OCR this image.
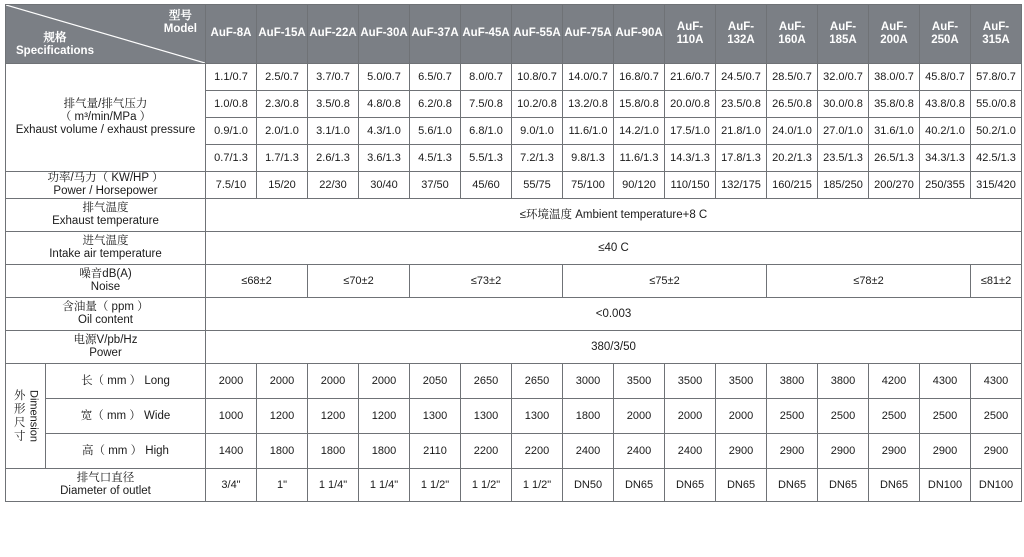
型号
Model
规格
Specifications		AuF-8A	AuF-15A	AuF-22A	AuF-30A	AuF-37A	AuF-45A	AuF-55A	AuF-75A	AuF-90A	AuF-110A	AuF-132A	AuF-160A	AuF-185A	AuF-200A	AuF-250A	AuF-315A

排气量/排气压力
（ m³/min/MPa ）
Exhaust volume / exhaust pressure		1.1/0.7	2.5/0.7	3.7/0.7	5.0/0.7	6.5/0.7	8.0/0.7	10.8/0.7	14.0/0.7	16.8/0.7	21.6/0.7	24.5/0.7	28.5/0.7	32.0/0.7	38.0/0.7	45.8/0.7	57.8/0.7
		1.0/0.8	2.3/0.8	3.5/0.8	4.8/0.8	6.2/0.8	7.5/0.8	10.2/0.8	13.2/0.8	15.8/0.8	20.0/0.8	23.5/0.8	26.5/0.8	30.0/0.8	35.8/0.8	43.8/0.8	55.0/0.8
		0.9/1.0	2.0/1.0	3.1/1.0	4.3/1.0	5.6/1.0	6.8/1.0	9.0/1.0	11.6/1.0	14.2/1.0	17.5/1.0	21.8/1.0	24.0/1.0	27.0/1.0	31.6/1.0	40.2/1.0	50.2/1.0
		0.7/1.3	1.7/1.3	2.6/1.3	3.6/1.3	4.5/1.3	5.5/1.3	7.2/1.3	9.8/1.3	11.6/1.3	14.3/1.3	17.8/1.3	20.2/1.3	23.5/1.3	26.5/1.3	34.3/1.3	42.5/1.3

功率/马力（ KW/HP ）
Power / Horsepower		7.5/10	15/20	22/30	30/40	37/50	45/60	55/75	75/100	90/120	110/150	132/175	160/215	185/250	200/270	250/355	315/420

排气温度
Exhaust temperature		≤环境温度 Ambient temperature+8 C															

进气温度
Intake air temperature		≤40 C															

噪音dB(A)
Noise		≤68±2		≤70±2		≤73±2			≤75±2				≤78±2				≤81±2

含油量（ ppm ）
Oil content		<0.003															

电源V/pb/Hz
Power		380/3/50															

外形尺寸 Dimension	长（ mm ） Long	2000	2000	2000	2000	2050	2650	2650	3000	3500	3500	3500	3800	3800	4200	4300	4300
	宽（ mm ） Wide	1000	1200	1200	1200	1300	1300	1300	1800	2000	2000	2000	2500	2500	2500	2500	2500
	高（ mm ） High	1400	1800	1800	1800	2110	2200	2200	2400	2400	2400	2900	2900	2900	2900	2900	2900

排气口直径
Diameter of outlet		3/4"	1"	1 1/4"	1 1/4"	1 1/2"	1 1/2"	1 1/2"	DN50	DN65	DN65	DN65	DN65	DN65	DN65	DN100	DN100
